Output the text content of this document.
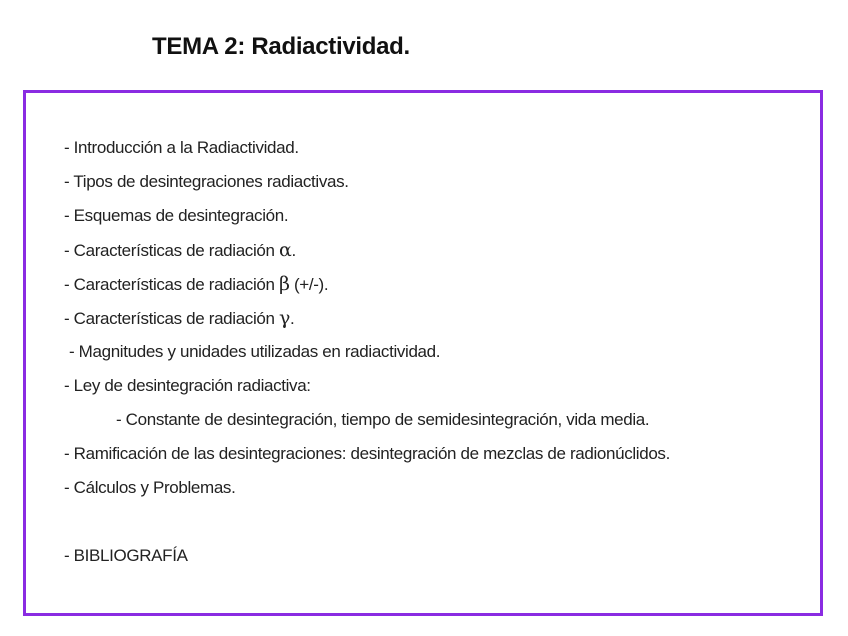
TEMA 2: Radiactividad.
- Introducción a la Radiactividad.
- Tipos de desintegraciones radiactivas.
- Esquemas de desintegración.
- Características de radiación α.
- Características de radiación β (+/-).
- Características de radiación γ.
- Magnitudes y unidades utilizadas en radiactividad.
- Ley de desintegración radiactiva:
- Constante de desintegración, tiempo de semidesintegración, vida media.
- Ramificación de las desintegraciones: desintegración de mezclas de radionúclidos.
- Cálculos y Problemas.
- BIBLIOGRAFÍA
